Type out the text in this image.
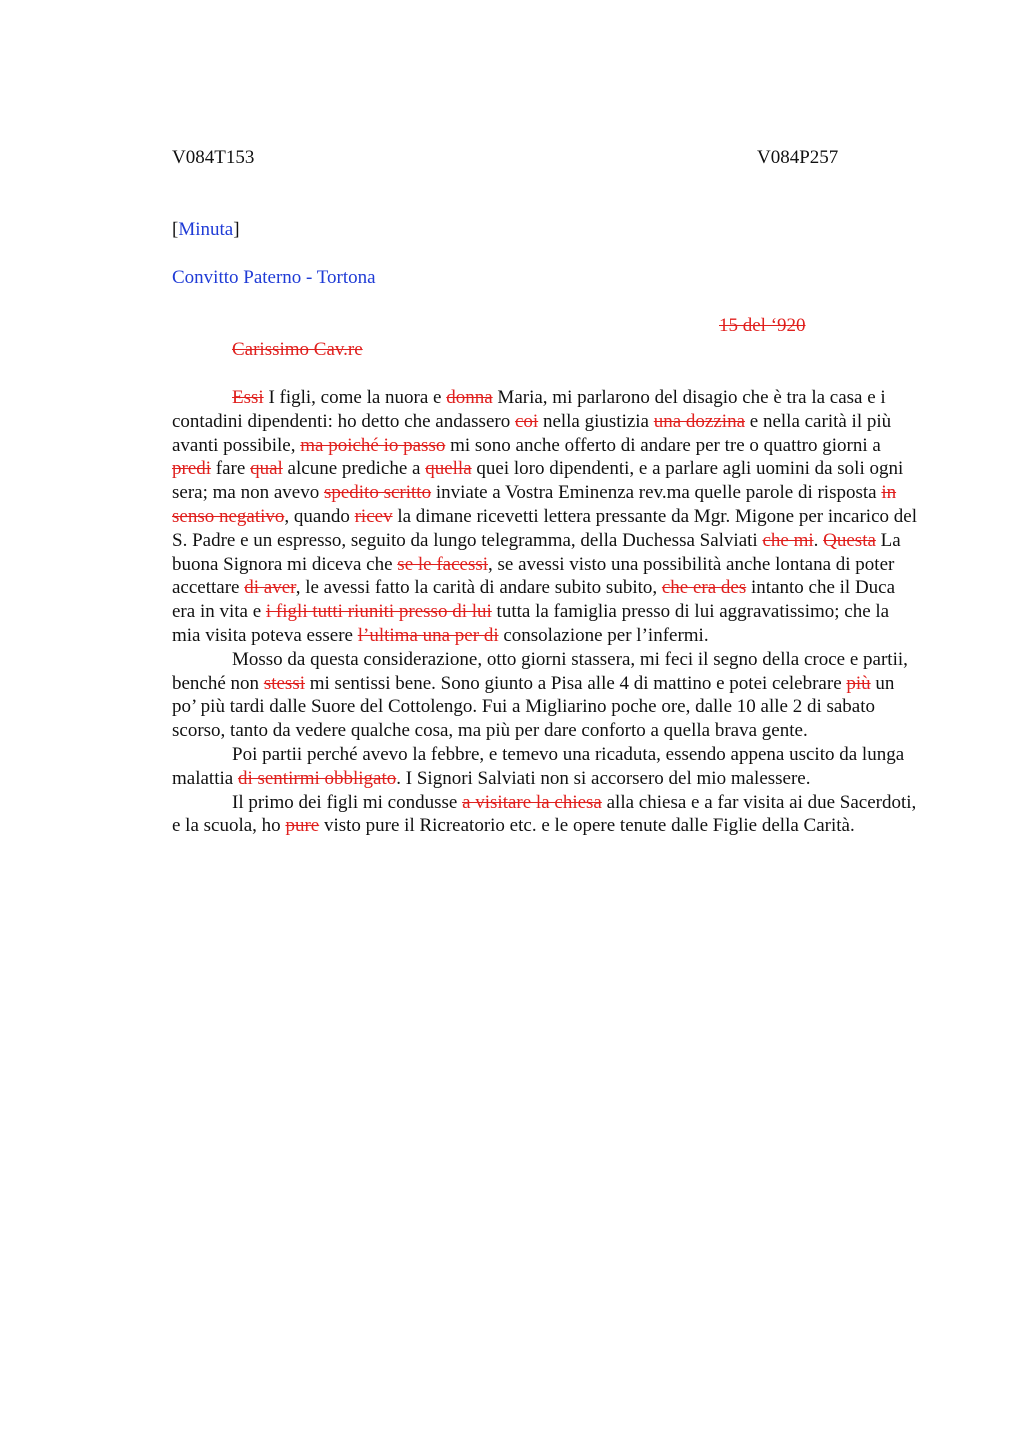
V084T153	V084P257
[Minuta]
Convitto Paterno - Tortona
15 del ‘920
Carissimo Cav.re

Essi I figli, come la nuora e donna Maria, mi parlarono del disagio che è tra la casa e i contadini dipendenti: ho detto che andassero coi nella giustizia una dozzina e nella carità il più avanti possibile, ma poiché io passo mi sono anche offerto di andare per tre o quattro giorni a predi fare qual alcune prediche a quella quei loro dipendenti, e a parlare agli uomini da soli ogni sera; ma non avevo spedito scritto inviate a Vostra Eminenza rev.ma quelle parole di risposta in senso negativo, quando ricev la dimane ricevetti lettera pressante da Mgr. Migone per incarico del S. Padre e un espresso, seguito da lungo telegramma, della Duchessa Salviati che mi. Questa La buona Signora mi diceva che se le facessi, se avessi visto una possibilità anche lontana di poter accettare di aver, le avessi fatto la carità di andare subito subito, che era des intanto che il Duca era in vita e i figli tutti riuniti presso di lui tutta la famiglia presso di lui aggravatissimo; che la mia visita poteva essere l’ultima una per di consolazione per l’infermi.

Mosso da questa considerazione, otto giorni stassera, mi feci il segno della croce e partii, benché non stessi mi sentissi bene. Sono giunto a Pisa alle 4 di mattino e potei celebrare più un po’ più tardi dalle Suore del Cottolengo. Fui a Migliarino poche ore, dalle 10 alle 2 di sabato scorso, tanto da vedere qualche cosa, ma più per dare conforto a quella brava gente.

Poi partii perché avevo la febbre, e temevo una ricaduta, essendo appena uscito da lunga malattia di sentirmi obbligato. I Signori Salviati non si accorsero del mio malessere.

Il primo dei figli mi condusse a visitare la chiesa alla chiesa e a far visita ai due Sacerdoti, e la scuola, ho pure visto pure il Ricreatorio etc. e le opere tenute dalle Figlie della Carità.
